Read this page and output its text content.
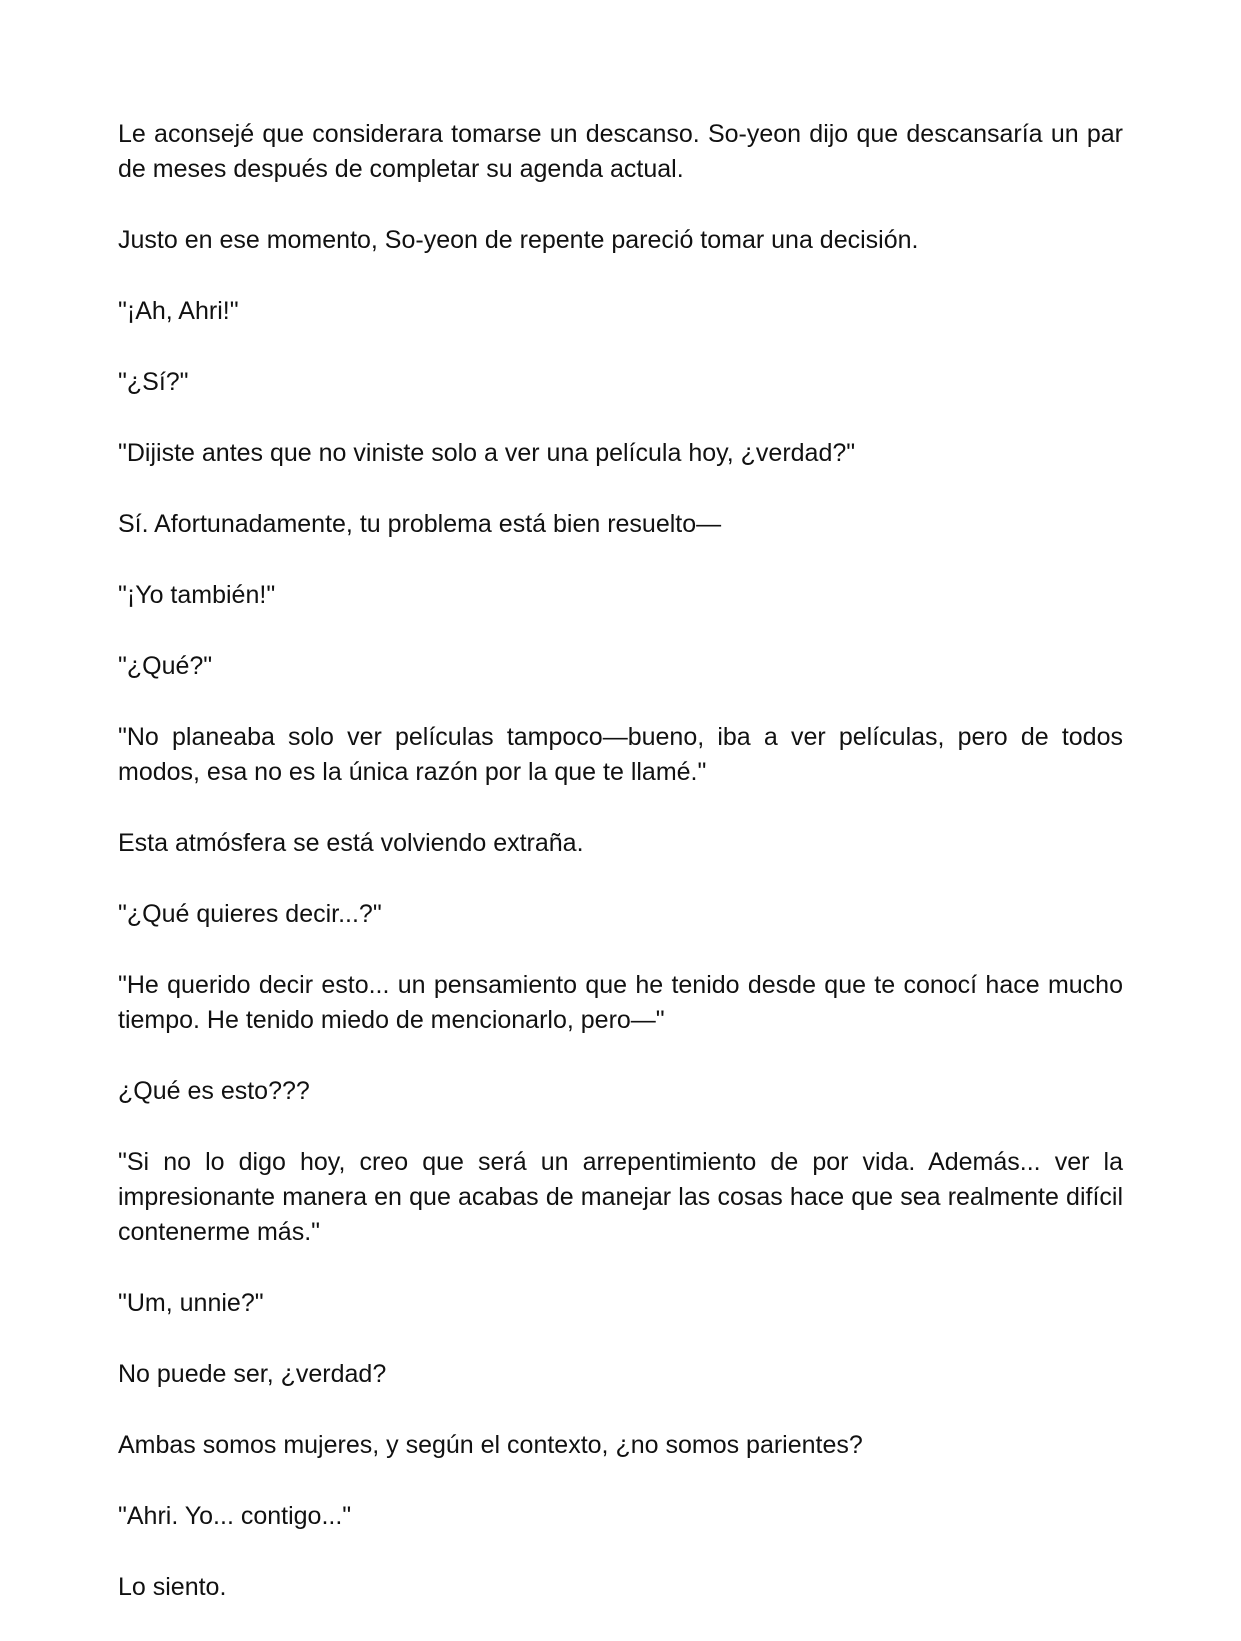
Le aconsejé que considerara tomarse un descanso. So-yeon dijo que descansaría un par de meses después de completar su agenda actual.

Justo en ese momento, So-yeon de repente pareció tomar una decisión.

"¡Ah, Ahri!"

"¿Sí?"

"Dijiste antes que no viniste solo a ver una película hoy, ¿verdad?"

Sí. Afortunadamente, tu problema está bien resuelto—

"¡Yo también!"

"¿Qué?"

"No planeaba solo ver películas tampoco—bueno, iba a ver películas, pero de todos modos, esa no es la única razón por la que te llamé."

Esta atmósfera se está volviendo extraña.

"¿Qué quieres decir...?"

"He querido decir esto... un pensamiento que he tenido desde que te conocí hace mucho tiempo. He tenido miedo de mencionarlo, pero—"

¿Qué es esto???

"Si no lo digo hoy, creo que será un arrepentimiento de por vida. Además... ver la impresionante manera en que acabas de manejar las cosas hace que sea realmente difícil contenerme más."

"Um, unnie?"

No puede ser, ¿verdad?

Ambas somos mujeres, y según el contexto, ¿no somos parientes?

"Ahri. Yo... contigo..."

Lo siento.
